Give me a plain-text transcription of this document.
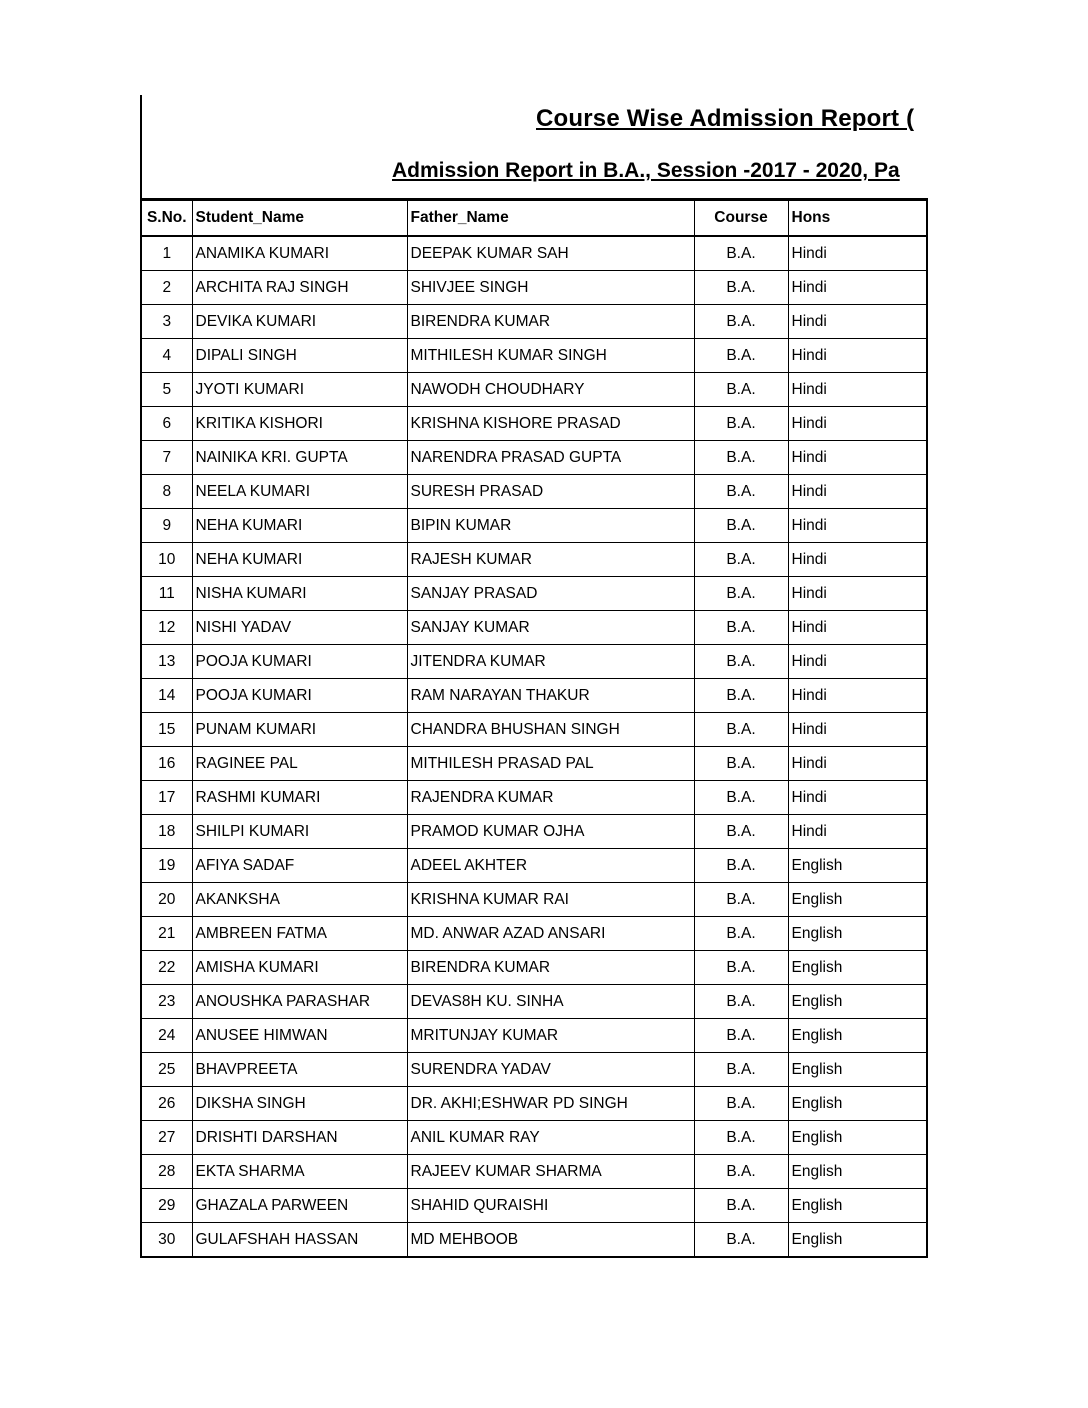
Course Wise Admission Report (
Admission Report in B.A., Session -2017 - 2020, Pa
S.No.	Student_Name	Father_Name	Course	Hons
1	ANAMIKA KUMARI	DEEPAK KUMAR SAH	B.A.	Hindi
2	ARCHITA RAJ SINGH	SHIVJEE SINGH	B.A.	Hindi
3	DEVIKA KUMARI	BIRENDRA KUMAR	B.A.	Hindi
4	DIPALI SINGH	MITHILESH KUMAR SINGH	B.A.	Hindi
5	JYOTI KUMARI	NAWODH CHOUDHARY	B.A.	Hindi
6	KRITIKA KISHORI	KRISHNA KISHORE PRASAD	B.A.	Hindi
7	NAINIKA KRI. GUPTA	NARENDRA PRASAD GUPTA	B.A.	Hindi
8	NEELA KUMARI	SURESH PRASAD	B.A.	Hindi
9	NEHA KUMARI	BIPIN KUMAR	B.A.	Hindi
10	NEHA KUMARI	RAJESH KUMAR	B.A.	Hindi
11	NISHA KUMARI	SANJAY PRASAD	B.A.	Hindi
12	NISHI YADAV	SANJAY KUMAR	B.A.	Hindi
13	POOJA KUMARI	JITENDRA KUMAR	B.A.	Hindi
14	POOJA KUMARI	RAM NARAYAN THAKUR	B.A.	Hindi
15	PUNAM KUMARI	CHANDRA BHUSHAN SINGH	B.A.	Hindi
16	RAGINEE PAL	MITHILESH PRASAD PAL	B.A.	Hindi
17	RASHMI KUMARI	RAJENDRA KUMAR	B.A.	Hindi
18	SHILPI KUMARI	PRAMOD KUMAR OJHA	B.A.	Hindi
19	AFIYA SADAF	ADEEL AKHTER	B.A.	English
20	AKANKSHA	KRISHNA KUMAR RAI	B.A.	English
21	AMBREEN FATMA	MD. ANWAR AZAD ANSARI	B.A.	English
22	AMISHA KUMARI	BIRENDRA KUMAR	B.A.	English
23	ANOUSHKA PARASHAR	DEVAS8H KU. SINHA	B.A.	English
24	ANUSEE HIMWAN	MRITUNJAY KUMAR	B.A.	English
25	BHAVPREETA	SURENDRA YADAV	B.A.	English
26	DIKSHA SINGH	DR. AKHI;ESHWAR PD SINGH	B.A.	English
27	DRISHTI DARSHAN	ANIL KUMAR RAY	B.A.	English
28	EKTA SHARMA	RAJEEV KUMAR SHARMA	B.A.	English
29	GHAZALA PARWEEN	SHAHID QURAISHI	B.A.	English
30	GULAFSHAH HASSAN	MD MEHBOOB	B.A.	English
